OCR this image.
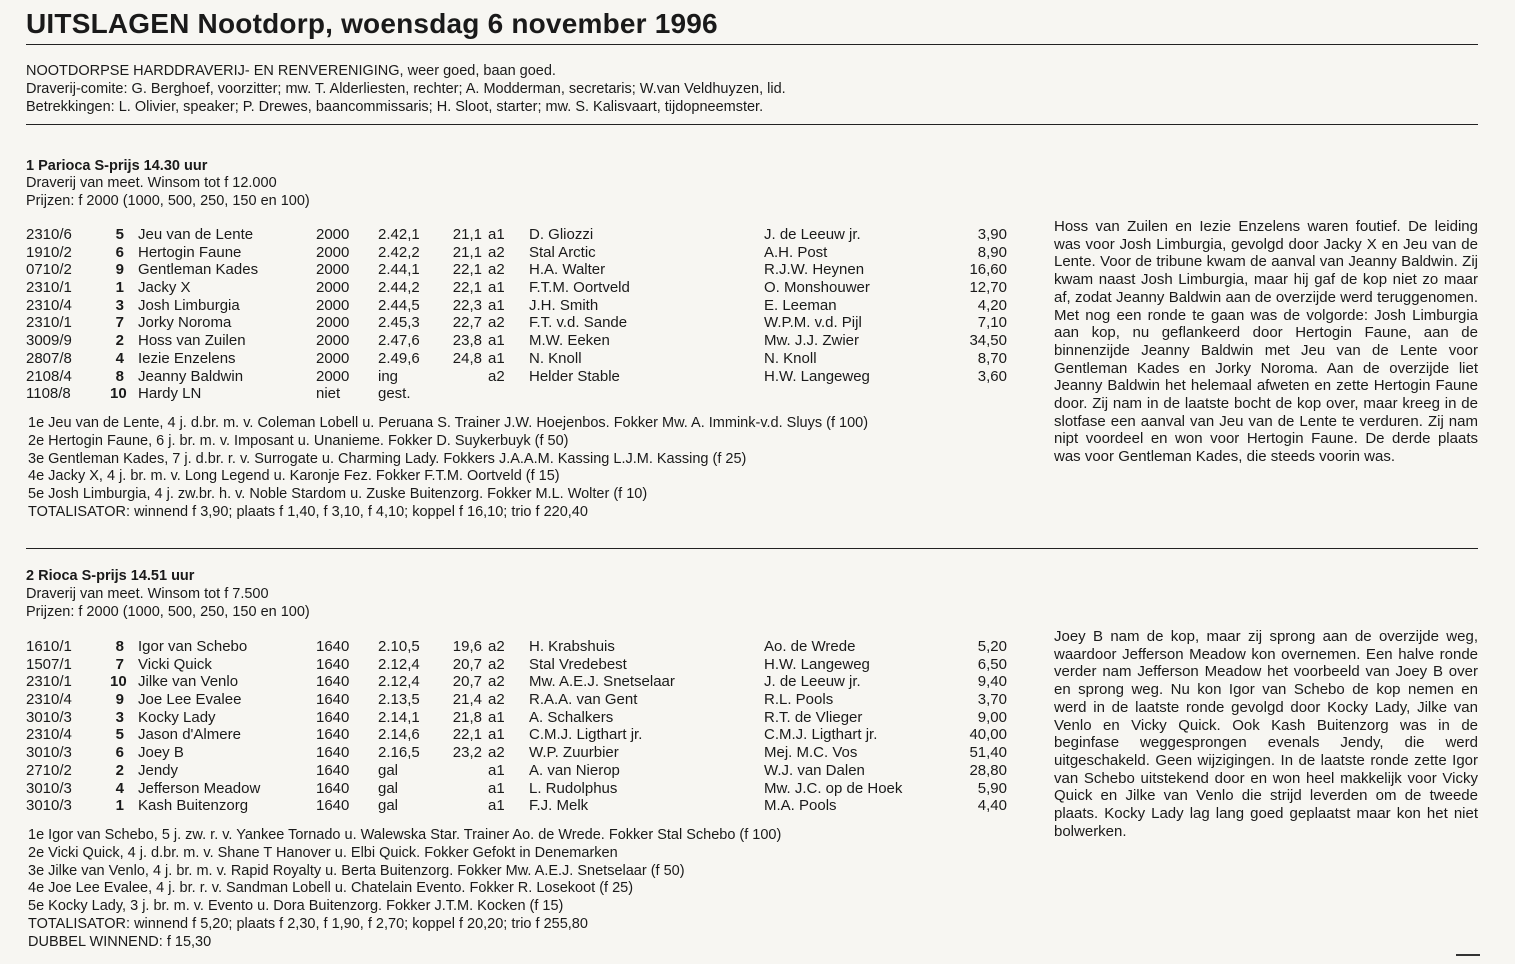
UITSLAGEN Nootdorp, woensdag 6 november 1996
NOOTDORPSE HARDDRAVERIJ- EN RENVERENIGING, weer goed, baan goed.
Draverij-comite: G. Berghoef, voorzitter; mw. T. Alderliesten, rechter; A. Modderman, secretaris; W.van Veldhuyzen, lid.
Betrekkingen: L. Olivier, speaker; P. Drewes, baancommissaris; H. Sloot, starter; mw. S. Kalisvaart, tijdopneemster.
1 Parioca S-prijs 14.30 uur
Draverij van meet. Winsom tot f 12.000
Prijzen: f 2000 (1000, 500, 250, 150 en 100)
2310/6	5 Jeu van de Lente	2000 2.42,1 21,1 a1 D. Gliozzi	J. de Leeuw jr.	3,90
1910/2	6 Hertogin Faune	2000 2.42,2 21,1 a2 Stal Arctic	A.H. Post	8,90
0710/2	9 Gentleman Kades	2000 2.44,1 22,1 a2 H.A. Walter	R.J.W. Heynen	16,60
2310/1	1 Jacky X	2000 2.44,2 22,1 a1 F.T.M. Oortveld	O. Monshouwer	12,70
2310/4	3 Josh Limburgia	2000 2.44,5 22,3 a1 J.H. Smith	E. Leeman	4,20
2310/1	7 Jorky Noroma	2000 2.45,3 22,7 a2 F.T. v.d. Sande	W.P.M. v.d. Pijl	7,10
3009/9	2 Hoss van Zuilen	2000 2.47,6 23,8 a1 M.W. Eeken	Mw. J.J. Zwier	34,50
2807/8	4 Iezie Enzelens	2000 2.49,6 24,8 a1 N. Knoll	N. Knoll	8,70
2108/4	8 Jeanny Baldwin	2000 ing	a2 Helder Stable	H.W. Langeweg	3,60
1108/8	10 Hardy LN	niet	gest.
Hoss van Zuilen en Iezie Enzelens waren foutief. De leiding was voor Josh Limburgia, gevolgd door Jacky X en Jeu van de Lente. Voor de tribune kwam de aanval van Jeanny Baldwin. Zij kwam naast Josh Limburgia, maar hij gaf de kop niet zo maar af, zodat Jeanny Baldwin aan de overzijde werd teruggenomen. Met nog een ronde te gaan was de volgorde: Josh Limburgia aan kop, nu geflankeerd door Hertogin Faune, aan de binnenzijde Jeanny Baldwin met Jeu van de Lente voor Gentleman Kades en Jorky Noroma. Aan de overzijde liet Jeanny Baldwin het helemaal afweten en zette Hertogin Faune door. Zij nam in de laatste bocht de kop over, maar kreeg in de slotfase een aanval van Jeu van de Lente te verduren. Zij nam nipt voordeel en won voor Hertogin Faune. De derde plaats was voor Gentleman Kades, die steeds voorin was.
1e Jeu van de Lente, 4 j. d.br. m. v. Coleman Lobell u. Peruana S. Trainer J.W. Hoejenbos. Fokker Mw. A. Immink-v.d. Sluys (f 100)
2e Hertogin Faune, 6 j. br. m. v. Imposant u. Unanieme. Fokker D. Suykerbuyk (f 50)
3e Gentleman Kades, 7 j. d.br. r. v. Surrogate u. Charming Lady. Fokkers J.A.A.M. Kassing L.J.M. Kassing (f 25)
4e Jacky X, 4 j. br. m. v. Long Legend u. Karonje Fez. Fokker F.T.M. Oortveld (f 15)
5e Josh Limburgia, 4 j. zw.br. h. v. Noble Stardom u. Zuske Buitenzorg. Fokker M.L. Wolter (f 10)
TOTALISATOR: winnend f 3,90; plaats f 1,40, f 3,10, f 4,10; koppel f 16,10; trio f 220,40
2 Rioca S-prijs 14.51 uur
Draverij van meet. Winsom tot f 7.500
Prijzen: f 2000 (1000, 500, 250, 150 en 100)
1610/1	8 Igor van Schebo	1640 2.10,5 19,6 a2 H. Krabshuis	Ao. de Wrede	5,20
1507/1	7 Vicki Quick	1640 2.12,4 20,7 a2 Stal Vredebest	H.W. Langeweg	6,50
2310/1	10 Jilke van Venlo	1640 2.12,4 20,7 a2 Mw. A.E.J. Snetselaar	J. de Leeuw jr.	9,40
2310/4	9 Joe Lee Evalee	1640 2.13,5 21,4 a2 R.A.A. van Gent	R.L. Pools	3,70
3010/3	3 Kocky Lady	1640 2.14,1 21,8 a1 A. Schalkers	R.T. de Vlieger	9,00
2310/4	5 Jason d'Almere	1640 2.14,6 22,1 a1 C.M.J. Ligthart jr.	C.M.J. Ligthart jr.	40,00
3010/3	6 Joey B	1640 2.16,5 23,2 a2 W.P. Zuurbier	Mej. M.C. Vos	51,40
2710/2	2 Jendy	1640 gal	a1 A. van Nierop	W.J. van Dalen	28,80
3010/3	4 Jefferson Meadow	1640 gal	a1 L. Rudolphus	Mw. J.C. op de Hoek	5,90
3010/3	1 Kash Buitenzorg	1640 gal	a1 F.J. Melk	M.A. Pools	4,40
Joey B nam de kop, maar zij sprong aan de overzijde weg, waardoor Jefferson Meadow kon overnemen. Een halve ronde verder nam Jefferson Meadow het voorbeeld van Joey B over en sprong weg. Nu kon Igor van Schebo de kop nemen en werd in de laatste ronde gevolgd door Kocky Lady, Jilke van Venlo en Vicky Quick. Ook Kash Buitenzorg was in de beginfase weggesprongen evenals Jendy, die werd uitgeschakeld. Geen wijzigingen. In de laatste ronde zette Igor van Schebo uitstekend door en won heel makkelijk voor Vicky Quick en Jilke van Venlo die strijd leverden om de tweede plaats. Kocky Lady lag lang goed geplaatst maar kon het niet bolwerken.
1e Igor van Schebo, 5 j. zw. r. v. Yankee Tornado u. Walewska Star. Trainer Ao. de Wrede. Fokker Stal Schebo (f 100)
2e Vicki Quick, 4 j. d.br. m. v. Shane T Hanover u. Elbi Quick. Fokker Gefokt in Denemarken
3e Jilke van Venlo, 4 j. br. m. v. Rapid Royalty u. Berta Buitenzorg. Fokker Mw. A.E.J. Snetselaar (f 50)
4e Joe Lee Evalee, 4 j. br. r. v. Sandman Lobell u. Chatelain Evento. Fokker R. Losekoot (f 25)
5e Kocky Lady, 3 j. br. m. v. Evento u. Dora Buitenzorg. Fokker J.T.M. Kocken (f 15)
TOTALISATOR: winnend f 5,20; plaats f 2,30, f 1,90, f 2,70; koppel f 20,20; trio f 255,80
DUBBEL WINNEND: f 15,30
